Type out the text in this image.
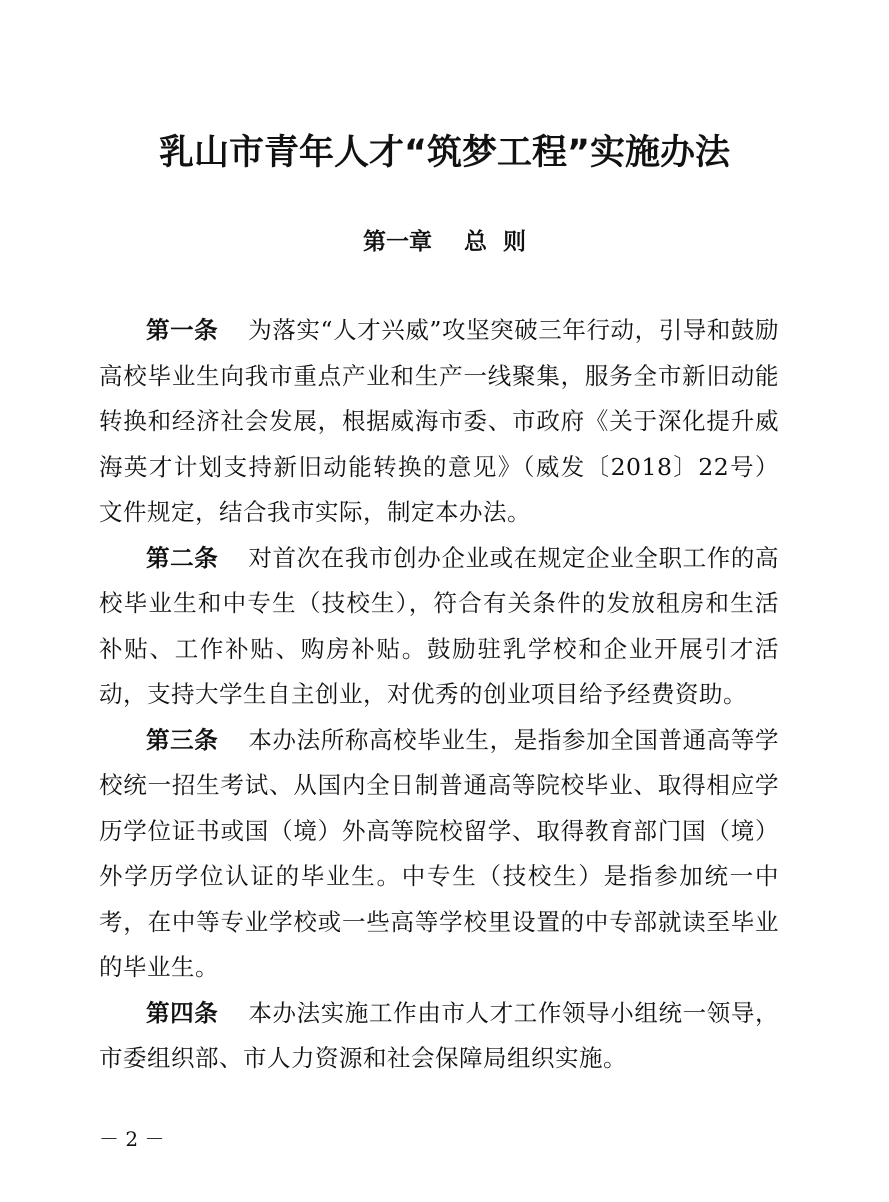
乳山市青年人才“筑梦工程”实施办法
第一章    总  则

第一条 为落实“人才兴威”攻坚突破三年行动，引导和鼓励高校毕业生向我市重点产业和生产一线聚集，服务全市新旧动能转换和经济社会发展，根据威海市委、市政府《关于深化提升威海英才计划支持新旧动能转换的意见》（威发〔2018〕22号）文件规定，结合我市实际，制定本办法。

第二条 对首次在我市创办企业或在规定企业全职工作的高校毕业生和中专生（技校生），符合有关条件的发放租房和生活补贴、工作补贴、购房补贴。鼓励驻乳学校和企业开展引才活动，支持大学生自主创业，对优秀的创业项目给予经费资助。

第三条 本办法所称高校毕业生，是指参加全国普通高等学校统一招生考试、从国内全日制普通高等院校毕业、取得相应学历学位证书或国（境）外高等院校留学、取得教育部门国（境）外学历学位认证的毕业生。中专生（技校生）是指参加统一中考，在中等专业学校或一些高等学校里设置的中专部就读至毕业的毕业生。

第四条 本办法实施工作由市人才工作领导小组统一领导，市委组织部、市人力资源和社会保障局组织实施。

－ 2 －
